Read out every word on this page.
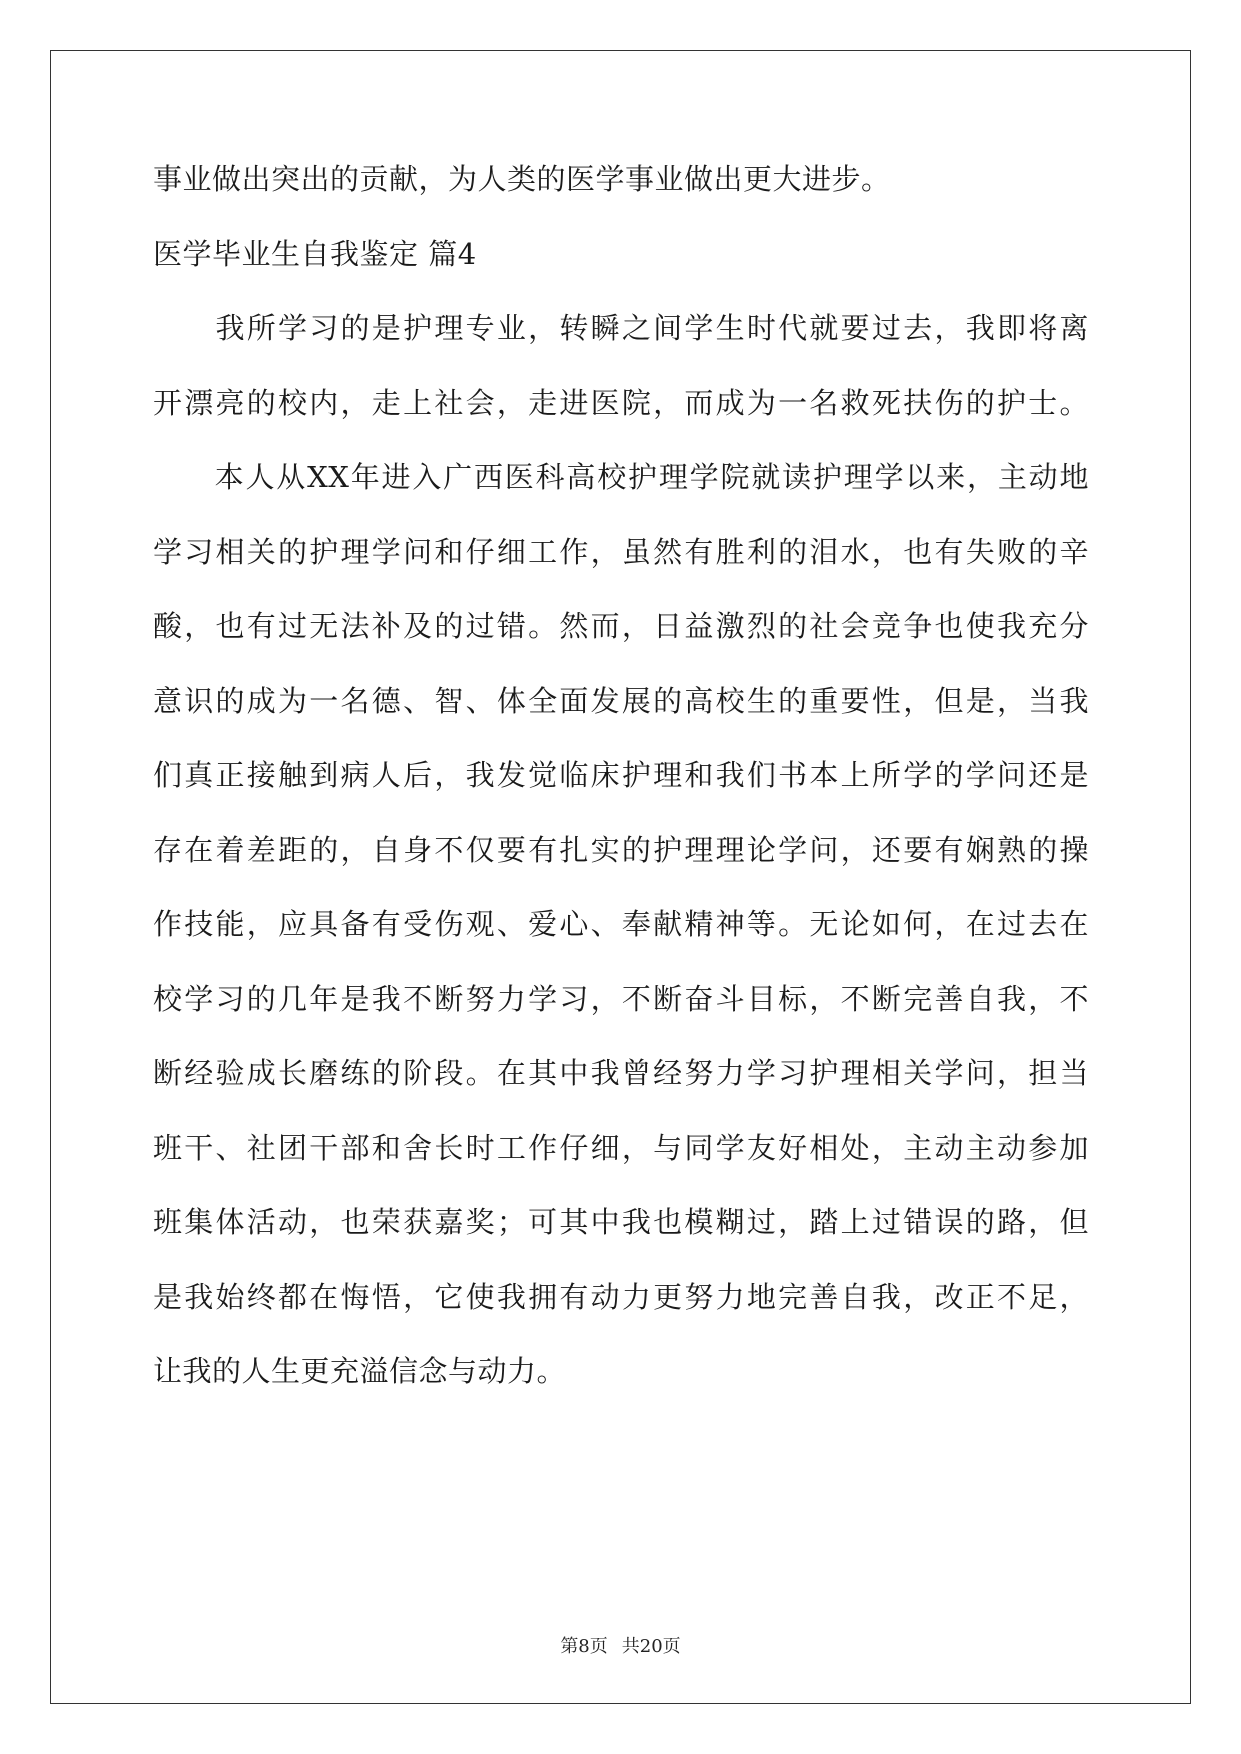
事业做出突出的贡献，为人类的医学事业做出更大进步。

医学毕业生自我鉴定 篇4

　　我所学习的是护理专业，转瞬之间学生时代就要过去，我即将离

开漂亮的校内，走上社会，走进医院，而成为一名救死扶伤的护士。

　　本人从XX年进入广西医科高校护理学院就读护理学以来，主动地

学习相关的护理学问和仔细工作，虽然有胜利的泪水，也有失败的辛

酸，也有过无法补及的过错。然而，日益激烈的社会竞争也使我充分

意识的成为一名德、智、体全面发展的高校生的重要性，但是，当我

们真正接触到病人后，我发觉临床护理和我们书本上所学的学问还是

存在着差距的，自身不仅要有扎实的护理理论学问，还要有娴熟的操

作技能，应具备有受伤观、爱心、奉献精神等。无论如何，在过去在

校学习的几年是我不断努力学习，不断奋斗目标，不断完善自我，不

断经验成长磨练的阶段。在其中我曾经努力学习护理相关学问，担当

班干、社团干部和舍长时工作仔细，与同学友好相处，主动主动参加

班集体活动，也荣获嘉奖；可其中我也模糊过，踏上过错误的路，但

是我始终都在悔悟，它使我拥有动力更努力地完善自我，改正不足，

让我的人生更充溢信念与动力。

第8页 共20页
